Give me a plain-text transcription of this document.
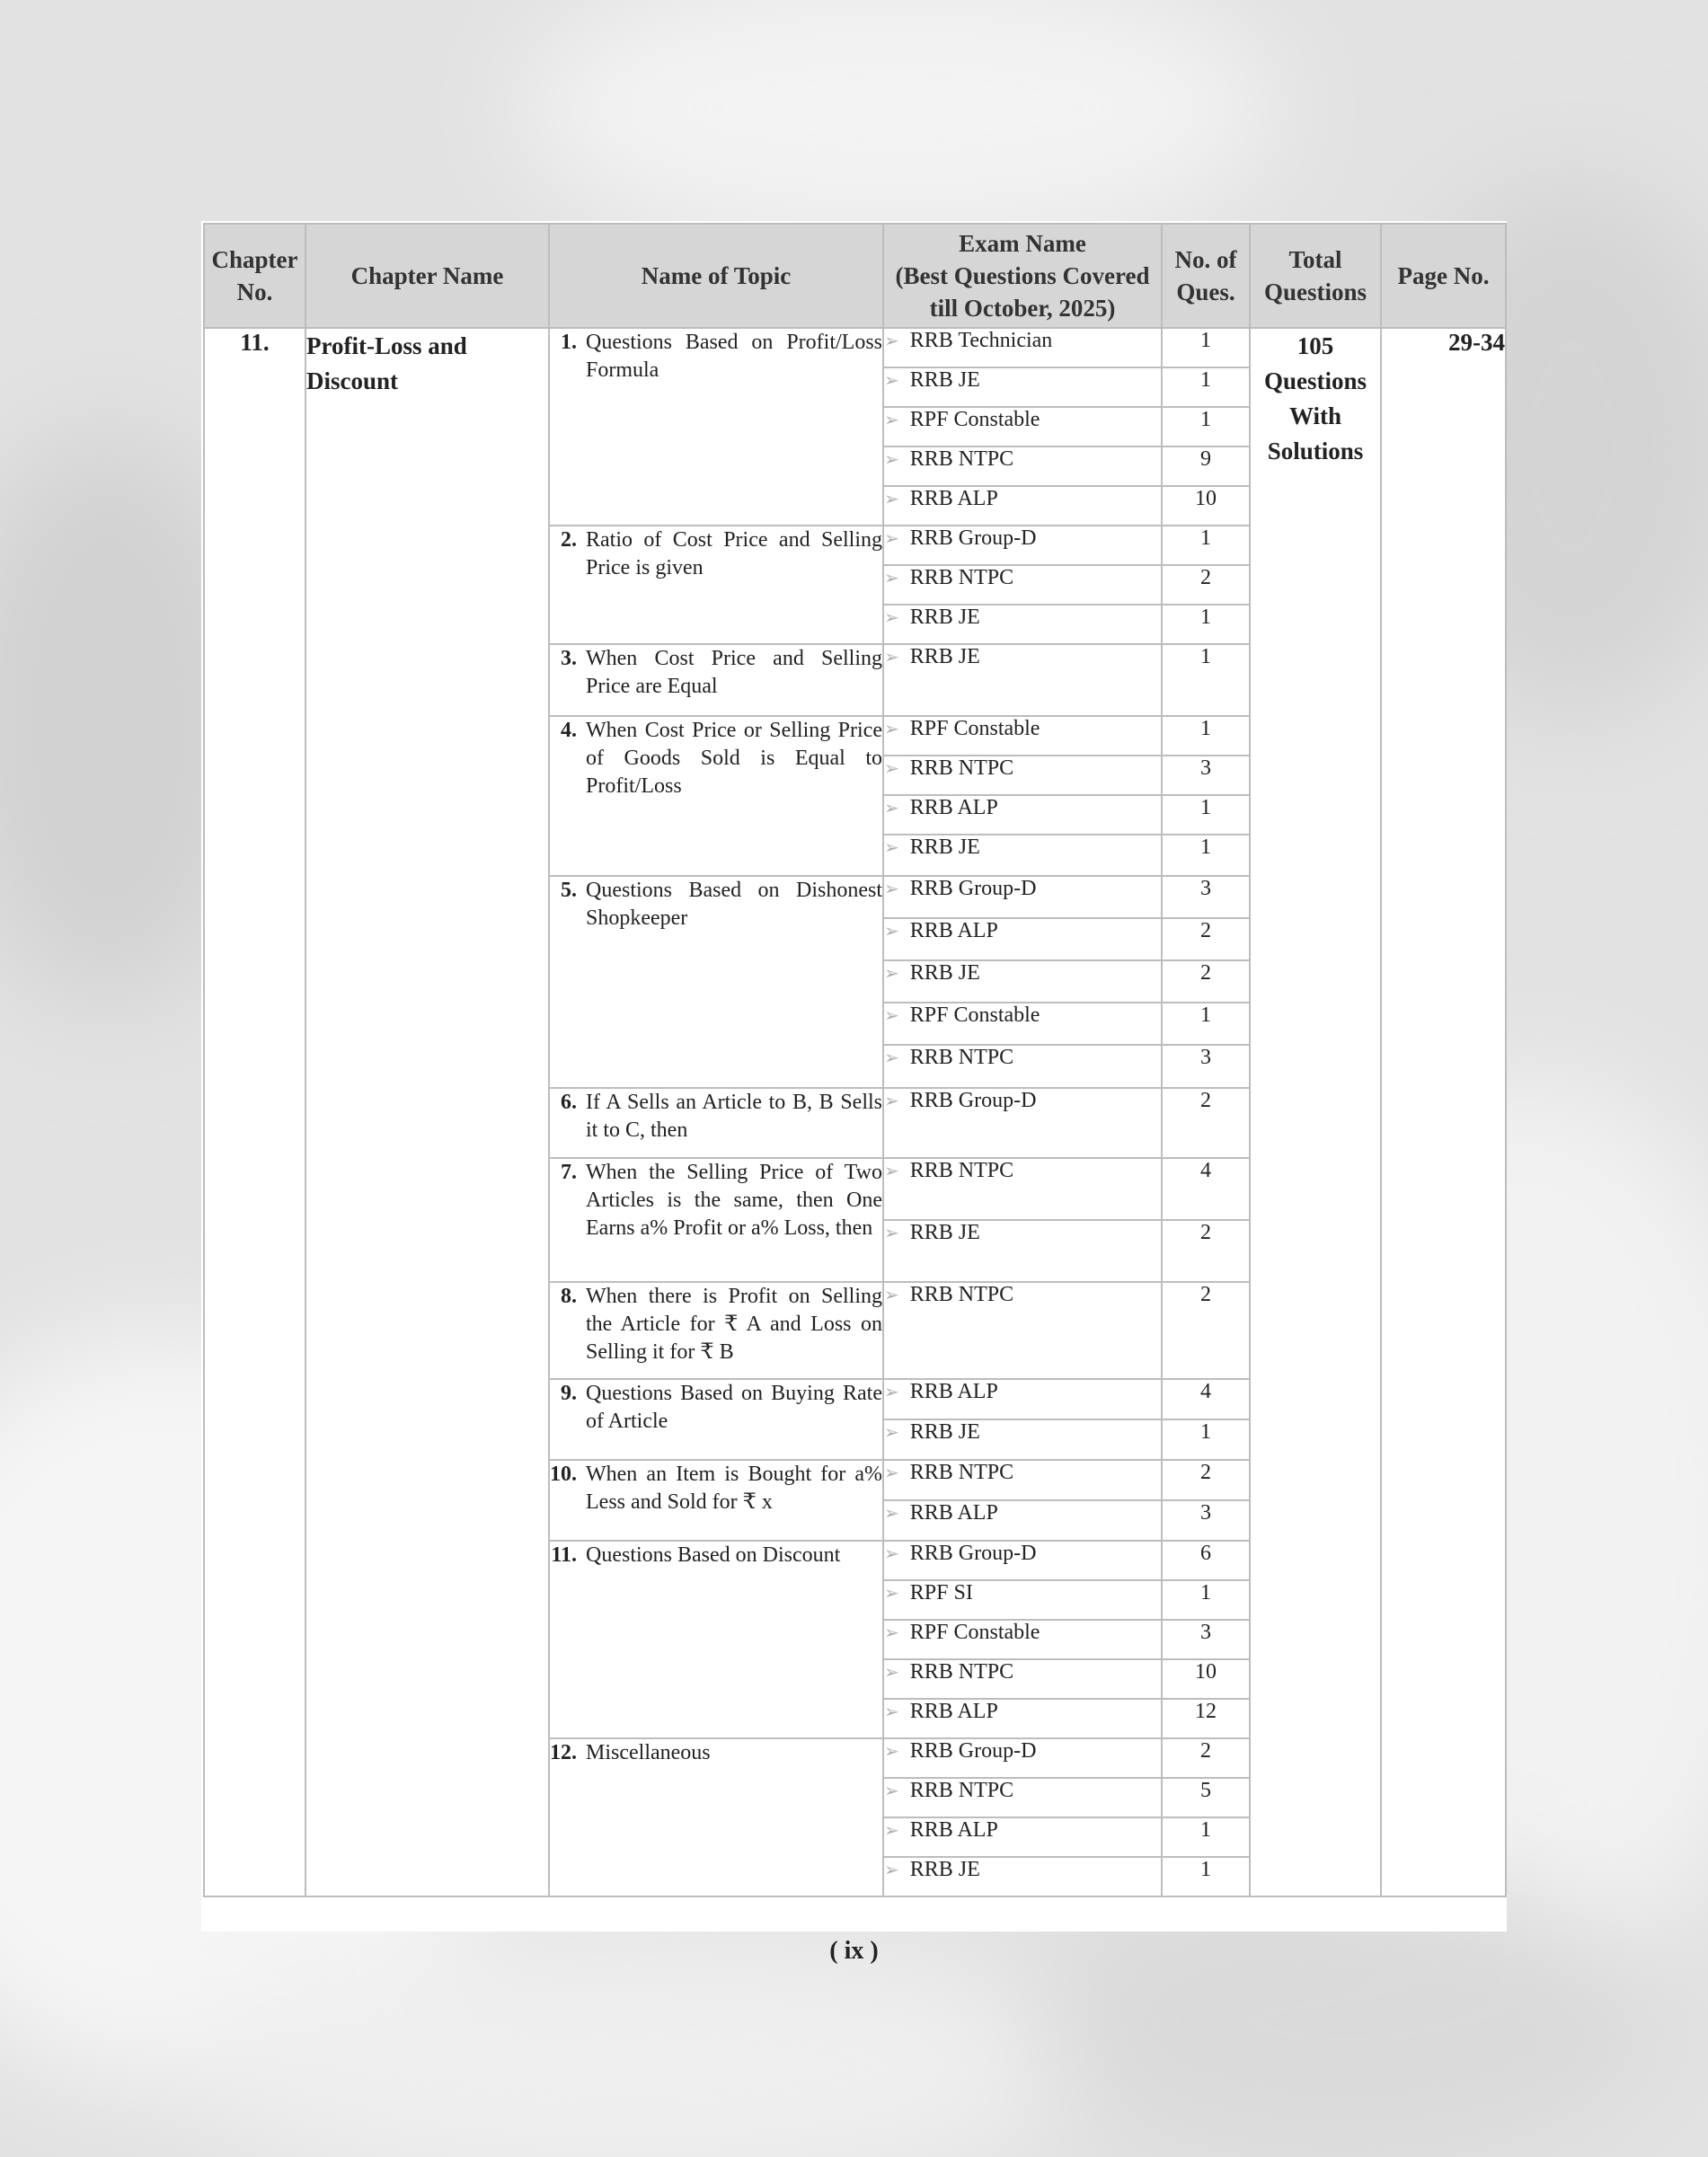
Chapter No.	Chapter Name	Name of Topic	Exam Name
(Best Questions Covered
till October, 2025)	No. of Ques.	Total Questions	Page No.
11.	Profit-Loss and Discount	1. Questions Based on Profit/Loss Formula	➢ RRB Technician	1	105 Questions With Solutions	29-34
			➢ RRB JE	1		
			➢ RPF Constable	1		
			➢ RRB NTPC	9		
			➢ RRB ALP	10		

		2. Ratio of Cost Price and Selling Price is given	➢ RRB Group-D	1		
			➢ RRB NTPC	2		
			➢ RRB JE	1		

		3. When Cost Price and Selling Price are Equal	➢ RRB JE	1		

		4. When Cost Price or Selling Price of Goods Sold is Equal to Profit/Loss	➢ RPF Constable	1		
			➢ RRB NTPC	3		
			➢ RRB ALP	1		
			➢ RRB JE	1		

		5. Questions Based on Dishonest Shopkeeper	➢ RRB Group-D	3		
			➢ RRB ALP	2		
			➢ RRB JE	2		
			➢ RPF Constable	1		
			➢ RRB NTPC	3		

		6. If A Sells an Article to B, B Sells it to C, then	➢ RRB Group-D	2		

		7. When the Selling Price of Two Articles is the same, then One Earns a% Profit or a% Loss, then	➢ RRB NTPC	4		
			➢ RRB JE	2		

		8. When there is Profit on Selling the Article for ₹ A and Loss on Selling it for ₹ B	➢ RRB NTPC	2		

		9. Questions Based on Buying Rate of Article	➢ RRB ALP	4		
			➢ RRB JE	1		

		10. When an Item is Bought for a% Less and Sold for ₹ x	➢ RRB NTPC	2		
			➢ RRB ALP	3		

		11. Questions Based on Discount	➢ RRB Group-D	6		
			➢ RPF SI	1		
			➢ RPF Constable	3		
			➢ RRB NTPC	10		
			➢ RRB ALP	12		

		12. Miscellaneous	➢ RRB Group-D	2		
			➢ RRB NTPC	5		
			➢ RRB ALP	1		
			➢ RRB JE	1		
( ix )
